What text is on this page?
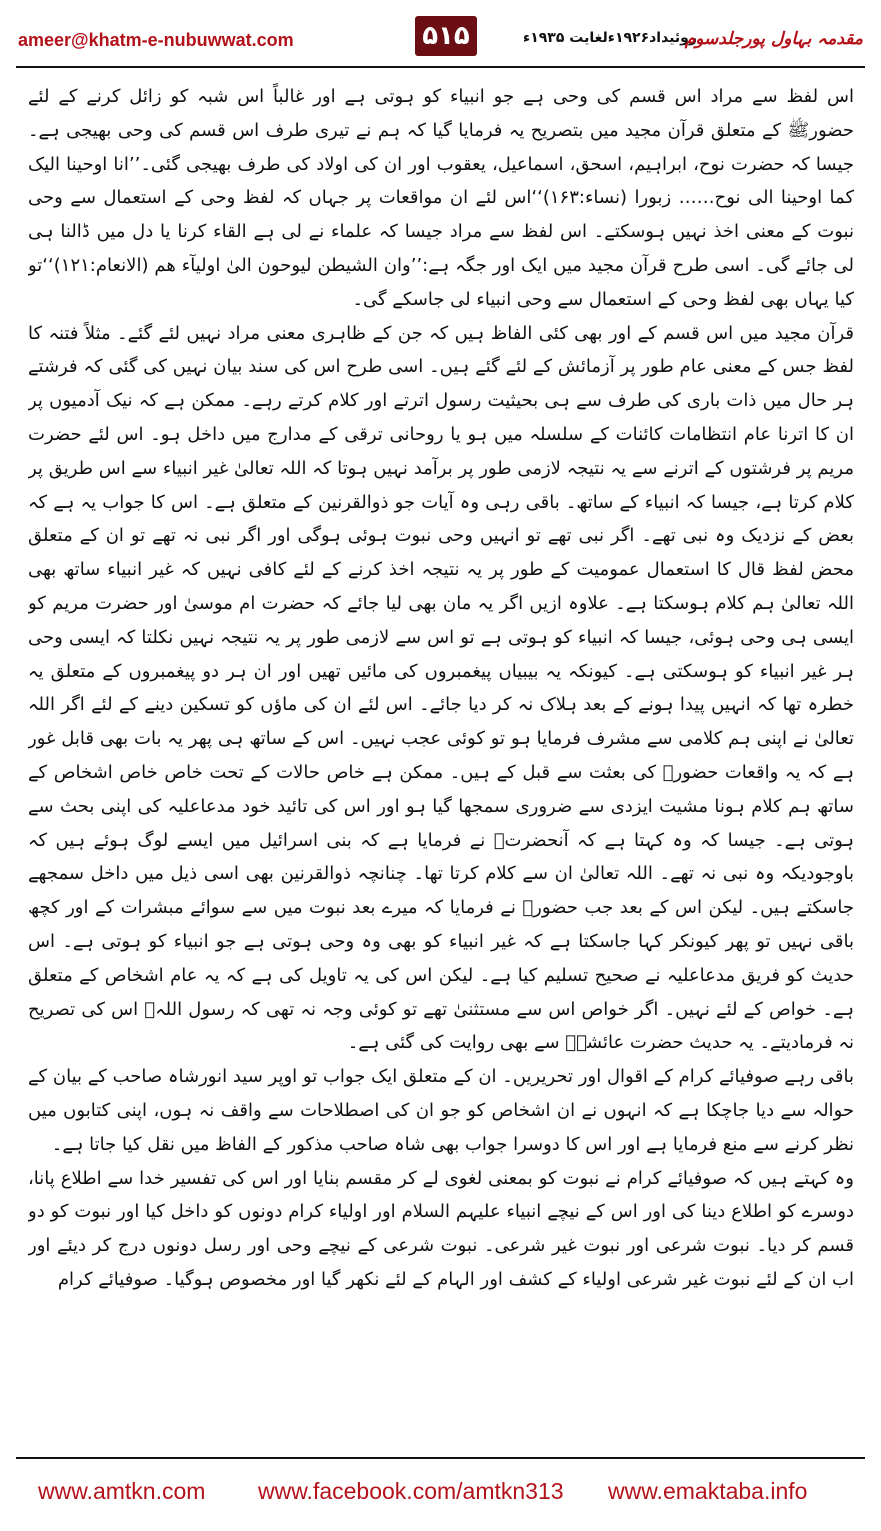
ameer@khatm-e-nubuwwat.com	۵۱۵	روئیداد۱۹۲۶ءلغایت ۱۹۳۵ء
مقدمہ بہاول پورجلدسوم

اس لفظ سے مراد اس قسم کی وحی ہے جو انبیاء کو ہوتی ہے اور غالباً اس شبہ کو زائل کرنے کے لئے حضورﷺ کے متعلق قرآن مجید میں بتصریح یہ فرمایا گیا کہ ہم نے تیری طرف اس قسم کی وحی بھیجی ہے۔ جیسا کہ حضرت نوح، ابراہیم، اسحق، اسماعیل، یعقوب اور ان کی اولاد کی طرف بھیجی گئی۔’’انا اوحینا الیک کما اوحینا الی نوح…… زبورا (نساء:۱۶۳)‘‘اس لئے ان مواقعات پر جہاں کہ لفظ وحی کے استعمال سے وحی نبوت کے معنی اخذ نہیں ہوسکتے۔ اس لفظ سے مراد جیسا کہ علماء نے لی ہے القاء کرنا یا دل میں ڈالنا ہی لی جائے گی۔ اسی طرح قرآن مجید میں ایک اور جگہ ہے:’’وان الشیطن لیوحون الیٰ اولیآء ھم (الانعام:۱۲۱)‘‘تو کیا یہاں بھی لفظ وحی کے استعمال سے وحی انبیاء لی جاسکے گی۔

قرآن مجید میں اس قسم کے اور بھی کئی الفاظ ہیں کہ جن کے ظاہری معنی مراد نہیں لئے گئے۔ مثلاً فتنہ کا لفظ جس کے معنی عام طور پر آزمائش کے لئے گئے ہیں۔ اسی طرح اس کی سند بیان نہیں کی گئی کہ فرشتے ہر حال میں ذات باری کی طرف سے ہی بحیثیت رسول اترتے اور کلام کرتے رہے۔ ممکن ہے کہ نیک آدمیوں پر ان کا اترنا عام انتظامات کائنات کے سلسلہ میں ہو یا روحانی ترقی کے مدارج میں داخل ہو۔ اس لئے حضرت مریم پر فرشتوں کے اترنے سے یہ نتیجہ لازمی طور پر برآمد نہیں ہوتا کہ اللہ تعالیٰ غیر انبیاء سے اس طریق پر کلام کرتا ہے، جیسا کہ انبیاء کے ساتھ۔ باقی رہی وہ آیات جو ذوالقرنین کے متعلق ہے۔ اس کا جواب یہ ہے کہ بعض کے نزدیک وہ نبی تھے۔ اگر نبی تھے تو انہیں وحی نبوت ہوئی ہوگی اور اگر نبی نہ تھے تو ان کے متعلق محض لفظ قال کا استعمال عمومیت کے طور پر یہ نتیجہ اخذ کرنے کے لئے کافی نہیں کہ غیر انبیاء ساتھ بھی اللہ تعالیٰ ہم کلام ہوسکتا ہے۔ علاوہ ازیں اگر یہ مان بھی لیا جائے کہ حضرت ام موسیٰ اور حضرت مریم کو ایسی ہی وحی ہوئی، جیسا کہ انبیاء کو ہوتی ہے تو اس سے لازمی طور پر یہ نتیجہ نہیں نکلتا کہ ایسی وحی ہر غیر انبیاء کو ہوسکتی ہے۔ کیونکہ یہ بیبیاں پیغمبروں کی مائیں تھیں اور ان ہر دو پیغمبروں کے متعلق یہ خطرہ تھا کہ انہیں پیدا ہونے کے بعد ہلاک نہ کر دیا جائے۔ اس لئے ان کی ماؤں کو تسکین دینے کے لئے اگر اللہ تعالیٰ نے اپنی ہم کلامی سے مشرف فرمایا ہو تو کوئی عجب نہیں۔ اس کے ساتھ ہی پھر یہ بات بھی قابل غور ہے کہ یہ واقعات حضورﷺ کی بعثت سے قبل کے ہیں۔ ممکن ہے خاص حالات کے تحت خاص خاص اشخاص کے ساتھ ہم کلام ہونا مشیت ایزدی سے ضروری سمجھا گیا ہو اور اس کی تائید خود مدعاعلیہ کی اپنی بحث سے ہوتی ہے۔ جیسا کہ وہ کہتا ہے کہ آنحضرتﷺ نے فرمایا ہے کہ بنی اسرائیل میں ایسے لوگ ہوئے ہیں کہ باوجودیکہ وہ نبی نہ تھے۔ اللہ تعالیٰ ان سے کلام کرتا تھا۔ چنانچہ ذوالقرنین بھی اسی ذیل میں داخل سمجھے جاسکتے ہیں۔ لیکن اس کے بعد جب حضورﷺ نے فرمایا کہ میرے بعد نبوت میں سے سوائے مبشرات کے اور کچھ باقی نہیں تو پھر کیونکر کہا جاسکتا ہے کہ غیر انبیاء کو بھی وہ وحی ہوتی ہے جو انبیاء کو ہوتی ہے۔ اس حدیث کو فریق مدعاعلیہ نے صحیح تسلیم کیا ہے۔ لیکن اس کی یہ تاویل کی ہے کہ یہ عام اشخاص کے متعلق ہے۔ خواص کے لئے نہیں۔ اگر خواص اس سے مستثنیٰ تھے تو کوئی وجہ نہ تھی کہ رسول اللہﷺ اس کی تصریح نہ فرمادیتے۔ یہ حدیث حضرت عائشہؓ سے بھی روایت کی گئی ہے۔

باقی رہے صوفیائے کرام کے اقوال اور تحریریں۔ ان کے متعلق ایک جواب تو اوپر سید انورشاہ صاحب کے بیان کے حوالہ سے دیا جاچکا ہے کہ انہوں نے ان اشخاص کو جو ان کی اصطلاحات سے واقف نہ ہوں، اپنی کتابوں میں نظر کرنے سے منع فرمایا ہے اور اس کا دوسرا جواب بھی شاہ صاحب مذکور کے الفاظ میں نقل کیا جاتا ہے۔

وہ کہتے ہیں کہ صوفیائے کرام نے نبوت کو بمعنی لغوی لے کر مقسم بنایا اور اس کی تفسیر خدا سے اطلاع پانا، دوسرے کو اطلاع دینا کی اور اس کے نیچے انبیاء علیہم السلام اور اولیاء کرام دونوں کو داخل کیا اور نبوت کو دو قسم کر دیا۔ نبوت شرعی اور نبوت غیر شرعی۔ نبوت شرعی کے نیچے وحی اور رسل دونوں درج کر دیئے اور اب ان کے لئے نبوت غیر شرعی اولیاء کے کشف اور الہام کے لئے نکھر گیا اور مخصوص ہوگیا۔ صوفیائے کرام

www.amtkn.com www.facebook.com/amtkn313 www.emaktaba.info
